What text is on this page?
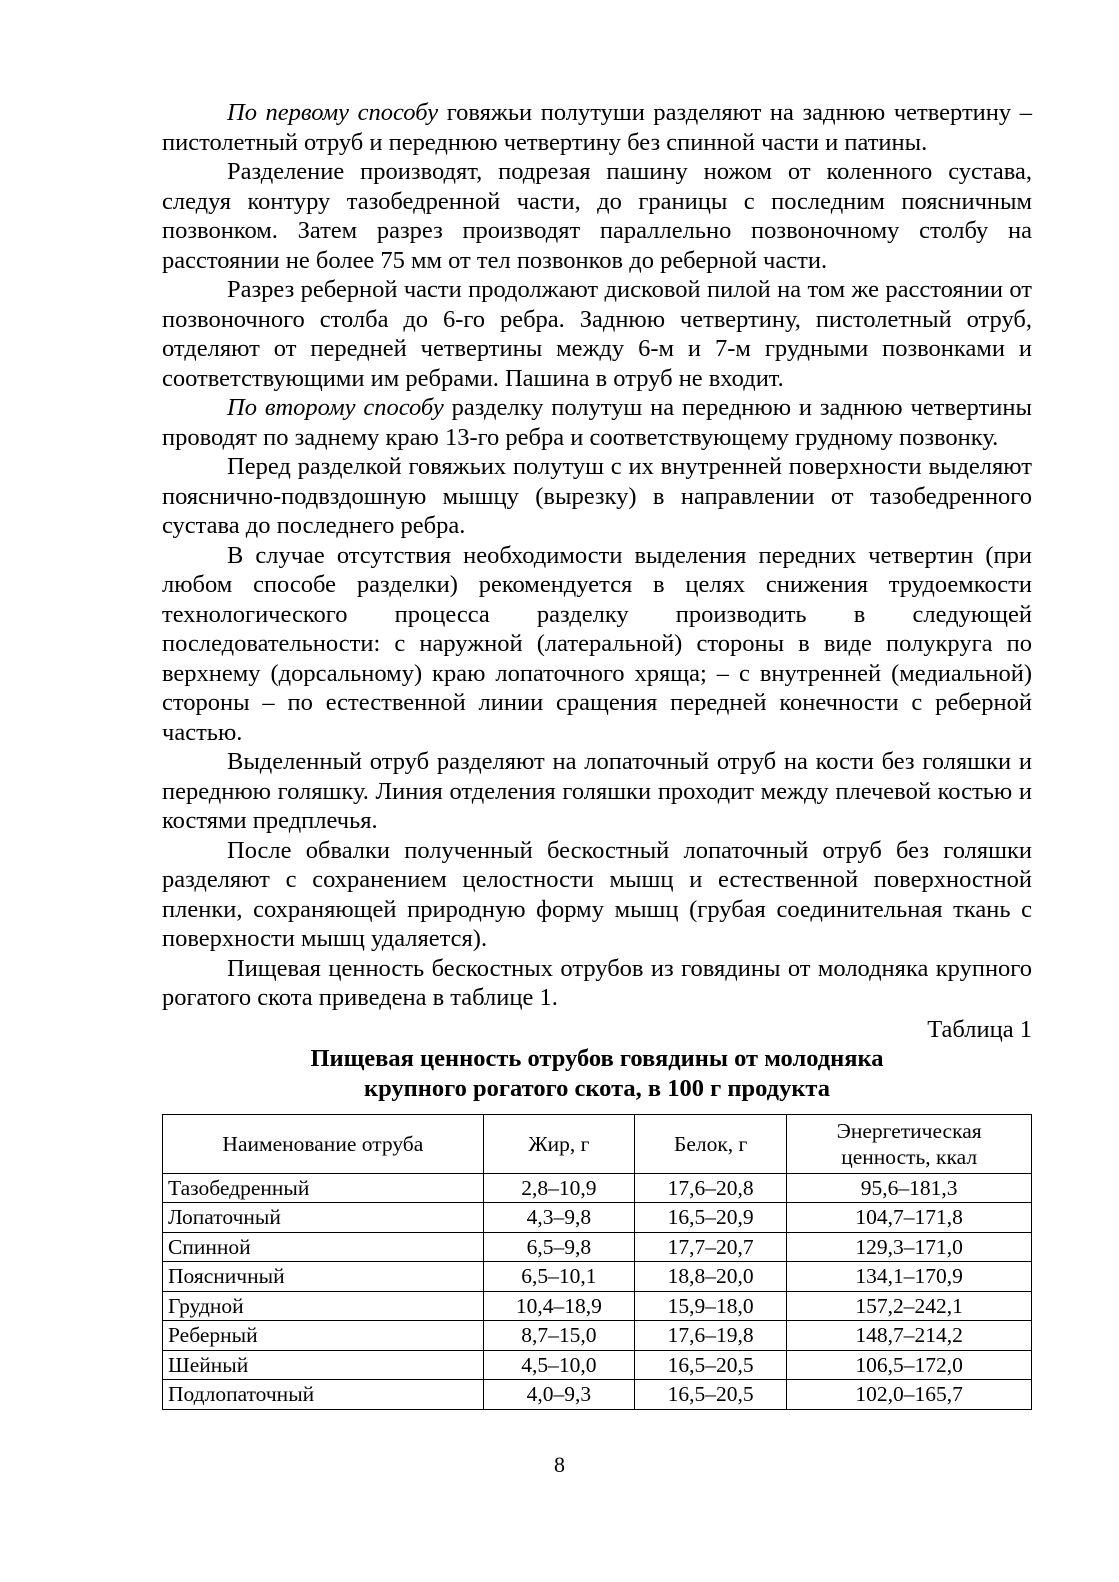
По первому способу говяжьи полутуши разделяют на заднюю четвертину – пистолетный отруб и переднюю четвертину без спинной части и патины.

Разделение производят, подрезая пашину ножом от коленного сустава, следуя контуру тазобедренной части, до границы с последним поясничным позвонком. Затем разрез производят параллельно позвоночному столбу на расстоянии не более 75 мм от тел позвонков до реберной части.

Разрез реберной части продолжают дисковой пилой на том же расстоянии от позвоночного столба до 6-го ребра. Заднюю четвертину, пистолетный отруб, отделяют от передней четвертины между 6-м и 7-м грудными позвонками и соответствующими им ребрами. Пашина в отруб не входит.

По второму способу разделку полутуш на переднюю и заднюю четвертины проводят по заднему краю 13-го ребра и соответствующему грудному позвонку.

Перед разделкой говяжьих полутуш с их внутренней поверхности выделяют пояснично-подвздошную мышцу (вырезку) в направлении от тазобедренного сустава до последнего ребра.

В случае отсутствия необходимости выделения передних четвертин (при любом способе разделки) рекомендуется в целях снижения трудоемкости технологического процесса разделку производить в следующей последовательности: с наружной (латеральной) стороны в виде полукруга по верхнему (дорсальному) краю лопаточного хряща; – с внутренней (медиальной) стороны – по естественной линии сращения передней конечности с реберной частью.

Выделенный отруб разделяют на лопаточный отруб на кости без голяшки и переднюю голяшку. Линия отделения голяшки проходит между плечевой костью и костями предплечья.

После обвалки полученный бескостный лопаточный отруб без голяшки разделяют с сохранением целостности мышц и естественной поверхностной пленки, сохраняющей природную форму мышц (грубая соединительная ткань с поверхности мышц удаляется).

Пищевая ценность бескостных отрубов из говядины от молодняка крупного рогатого скота приведена в таблице 1.

Таблица 1
Пищевая ценность отрубов говядины от молодняка
крупного рогатого скота, в 100 г продукта
Наименование отруба	Жир, г	Белок, г	Энергетическая
ценность, ккал

Тазобедренный	2,8–10,9	17,6–20,8	95,6–181,3
Лопаточный	4,3–9,8	16,5–20,9	104,7–171,8
Спинной	6,5–9,8	17,7–20,7	129,3–171,0
Поясничный	6,5–10,1	18,8–20,0	134,1–170,9
Грудной	10,4–18,9	15,9–18,0	157,2–242,1
Реберный	8,7–15,0	17,6–19,8	148,7–214,2
Шейный	4,5–10,0	16,5–20,5	106,5–172,0
Подлопаточный	4,0–9,3	16,5–20,5	102,0–165,7
8
